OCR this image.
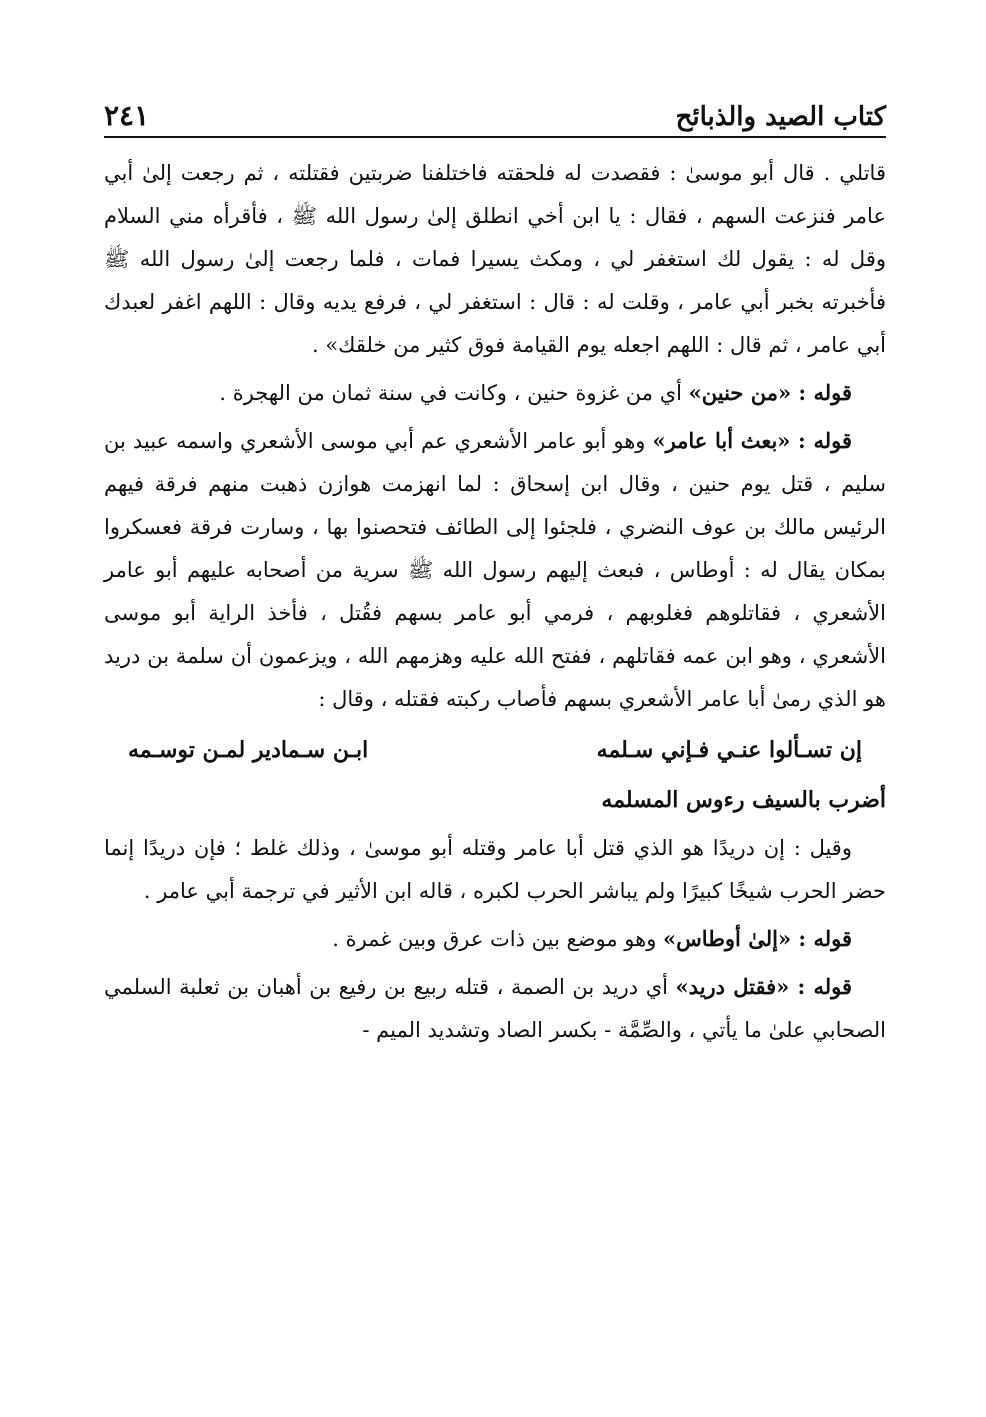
كتاب الصيد والذبائح
٢٤١

قاتلي . قال أبو موسىٰ : فقصدت له فلحقته فاختلفنا ضربتين فقتلته ، ثم رجعت إلىٰ أبي عامر فنزعت السهم ، فقال : يا ابن أخي انطلق إلىٰ رسول الله ﷺ ، فأقرأه مني السلام وقل له : يقول لك استغفر لي ، ومكث يسيرا فمات ، فلما رجعت إلىٰ رسول الله ﷺ فأخبرته بخبر أبي عامر ، وقلت له : قال : استغفر لي ، فرفع يديه وقال : اللهم اغفر لعبدك أبي عامر ، ثم قال : اللهم اجعله يوم القيامة فوق كثير من خلقك» .

قوله : «من حنين» أي من غزوة حنين ، وكانت في سنة ثمان من الهجرة .

قوله : «بعث أبا عامر» وهو أبو عامر الأشعري عم أبي موسى الأشعري واسمه عبيد بن سليم ، قتل يوم حنين ، وقال ابن إسحاق : لما انهزمت هوازن ذهبت منهم فرقة فيهم الرئيس مالك بن عوف النضري ، فلجئوا إلى الطائف فتحصنوا بها ، وسارت فرقة فعسكروا بمكان يقال له : أوطاس ، فبعث إليهم رسول الله ﷺ سرية من أصحابه عليهم أبو عامر الأشعري ، فقاتلوهم فغلوبهم ، فرمي أبو عامر بسهم فقُتل ، فأخذ الراية أبو موسى الأشعري ، وهو ابن عمه فقاتلهم ، ففتح الله عليه وهزمهم الله ، ويزعمون أن سلمة بن دريد هو الذي رمىٰ أبا عامر الأشعري بسهم فأصاب ركبته فقتله ، وقال :

إن تسـألوا عنـي فـإني سـلمه
ابـن سـمادير لمـن توسـمه
أضرب بالسيف رءوس المسلمه

وقيل : إن دريدًا هو الذي قتل أبا عامر وقتله أبو موسىٰ ، وذلك غلط ؛ فإن دريدًا إنما حضر الحرب شيخًا كبيرًا ولم يباشر الحرب لكبره ، قاله ابن الأثير في ترجمة أبي عامر .

قوله : «إلىٰ أوطاس» وهو موضع بين ذات عرق وبين غمرة .

قوله : «فقتل دريد» أي دريد بن الصمة ، قتله ربيع بن رفيع بن أهبان بن ثعلبة السلمي الصحابي علىٰ ما يأتي ، والصِّمَّة - بكسر الصاد وتشديد الميم -
